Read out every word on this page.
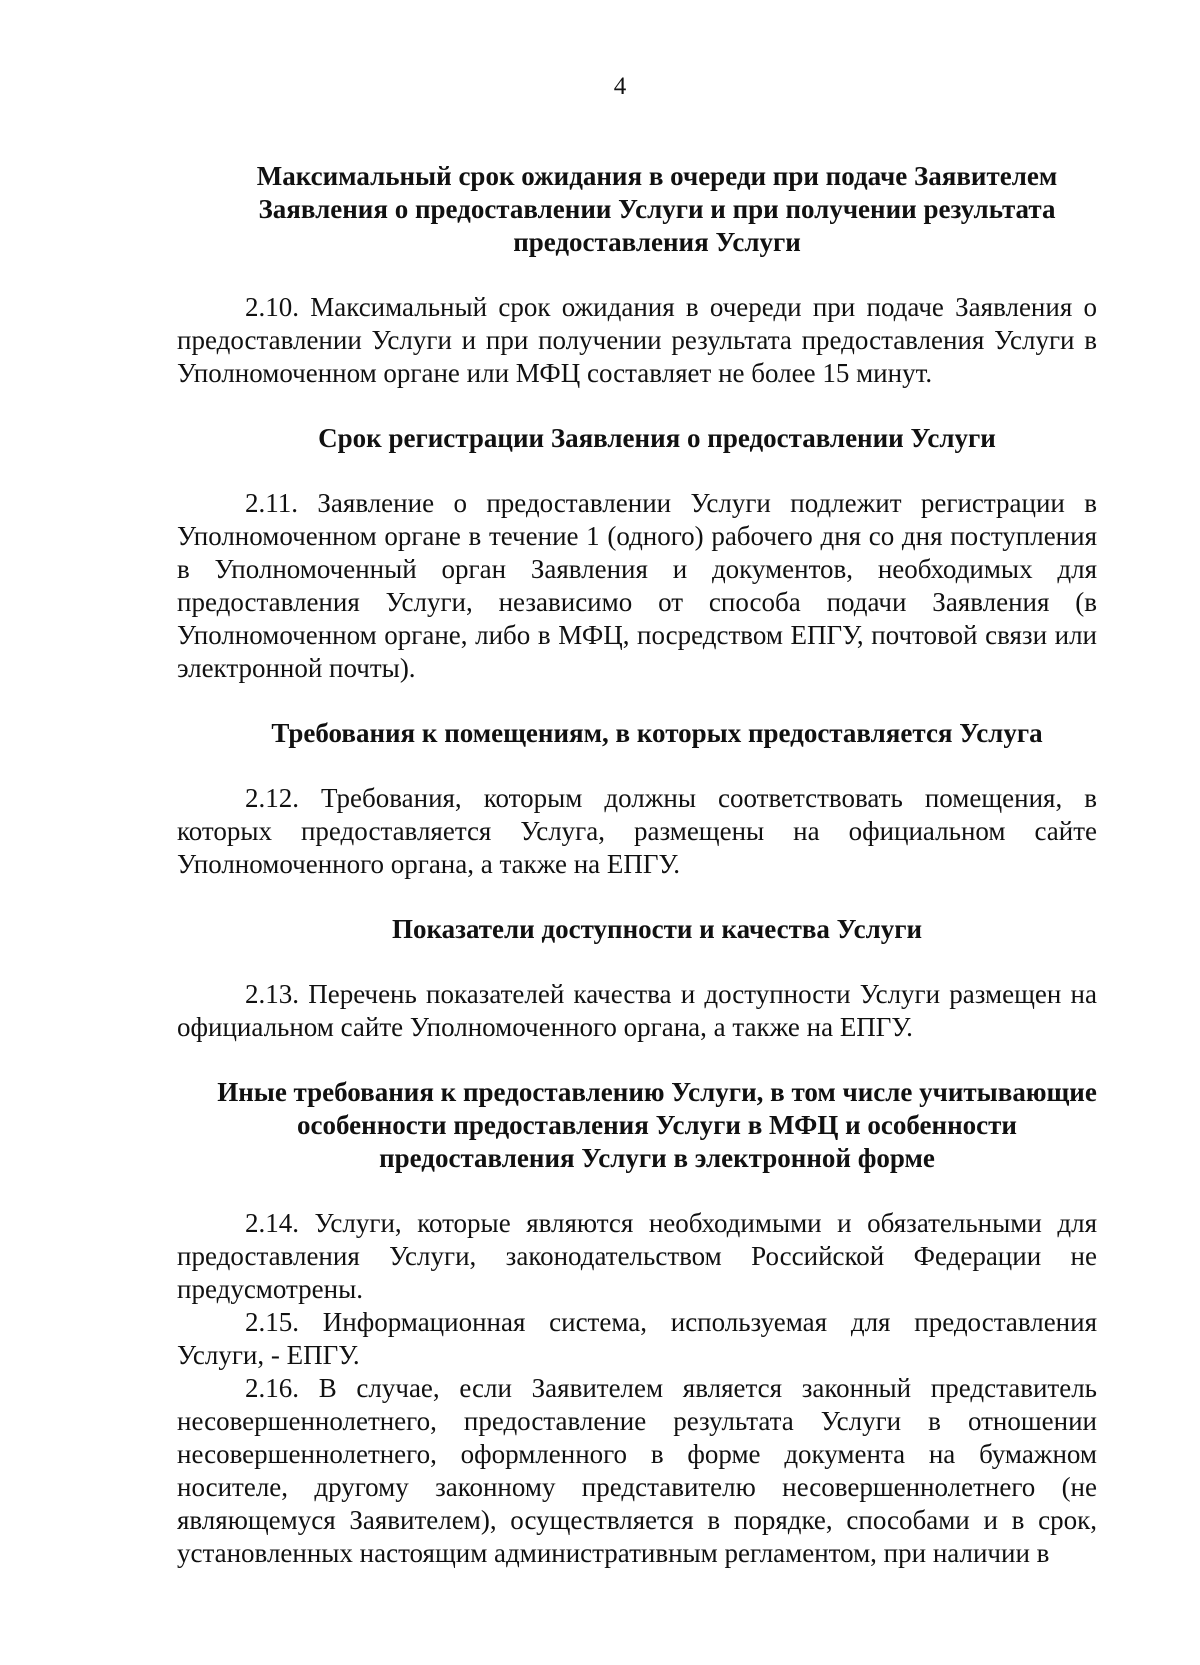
4
Максимальный срок ожидания в очереди при подаче Заявителем Заявления о предоставлении Услуги и при получении результата предоставления Услуги

2.10. Максимальный срок ожидания в очереди при подаче Заявления о предоставлении Услуги и при получении результата предоставления Услуги в Уполномоченном органе или МФЦ составляет не более 15 минут.

Срок регистрации Заявления о предоставлении Услуги

2.11. Заявление о предоставлении Услуги подлежит регистрации в Уполномоченном органе в течение 1 (одного) рабочего дня со дня поступления в Уполномоченный орган Заявления и документов, необходимых для предоставления Услуги, независимо от способа подачи Заявления (в Уполномоченном органе, либо в МФЦ, посредством ЕПГУ, почтовой связи или электронной почты).

Требования к помещениям, в которых предоставляется Услуга

2.12. Требования, которым должны соответствовать помещения, в которых предоставляется Услуга, размещены на официальном сайте Уполномоченного органа, а также на ЕПГУ.

Показатели доступности и качества Услуги

2.13. Перечень показателей качества и доступности Услуги размещен на официальном сайте Уполномоченного органа, а также на ЕПГУ.

Иные требования к предоставлению Услуги, в том числе учитывающие особенности предоставления Услуги в МФЦ и особенности предоставления Услуги в электронной форме

2.14. Услуги, которые являются необходимыми и обязательными для предоставления Услуги, законодательством Российской Федерации не предусмотрены.

2.15. Информационная система, используемая для предоставления Услуги, - ЕПГУ.

2.16. В случае, если Заявителем является законный представитель несовершеннолетнего, предоставление результата Услуги в отношении несовершеннолетнего, оформленного в форме документа на бумажном носителе, другому законному представителю несовершеннолетнего (не являющемуся Заявителем), осуществляется в порядке, способами и в срок, установленных настоящим административным регламентом, при наличии в
